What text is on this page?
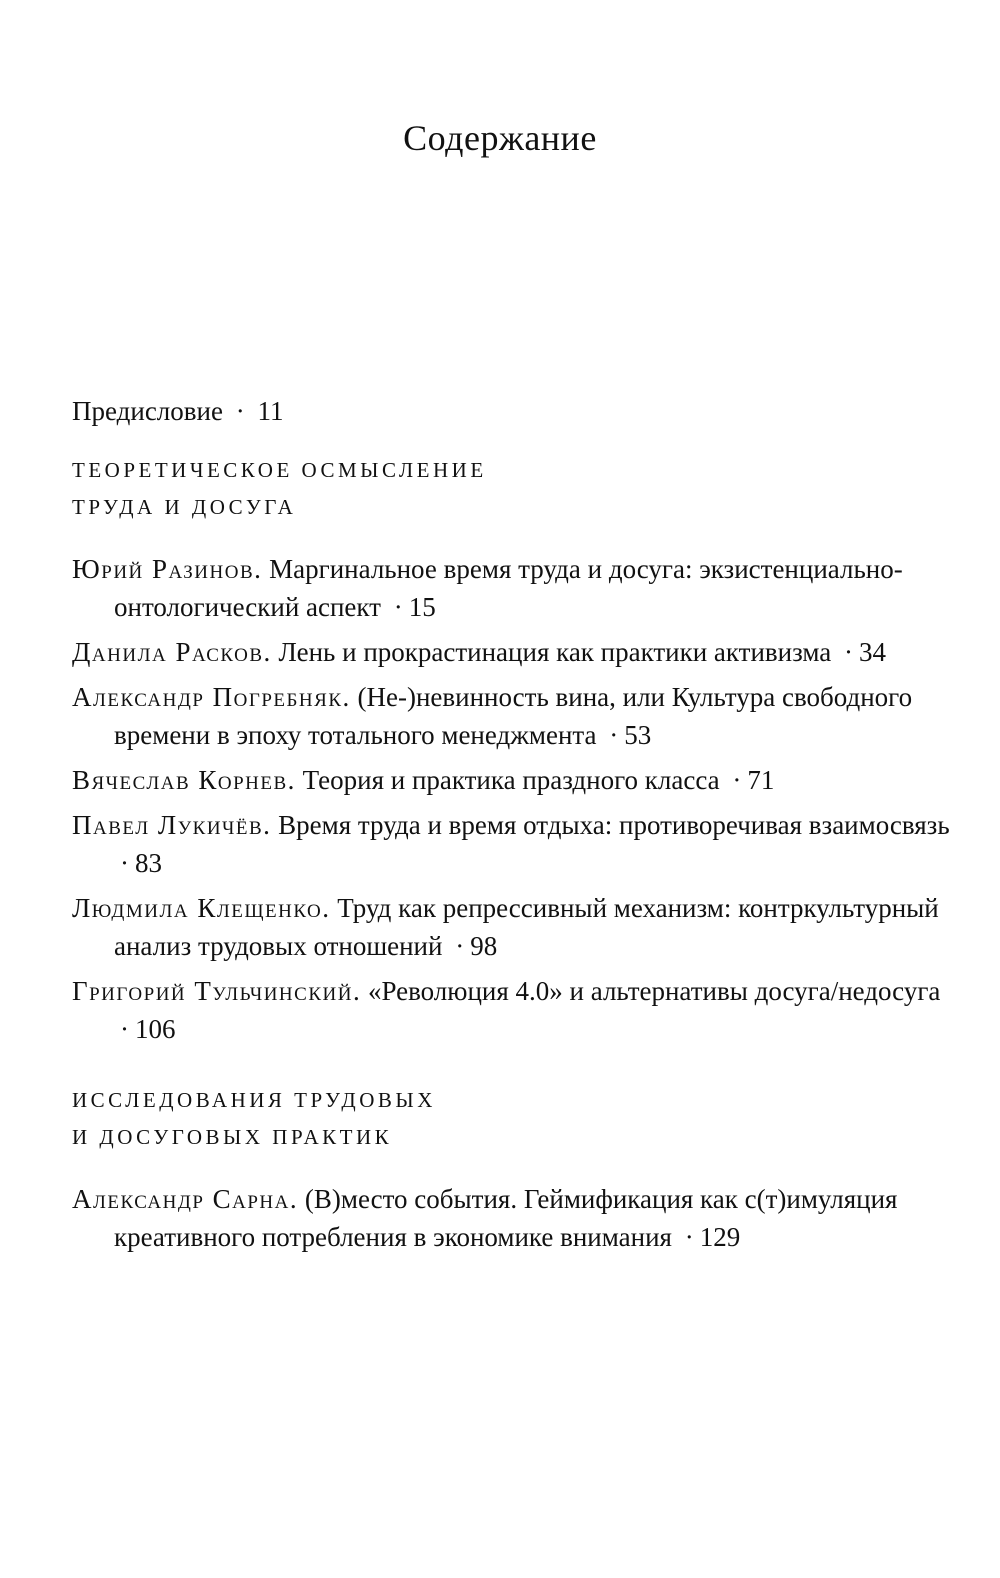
Содержание
Предисловие · 11
ТЕОРЕТИЧЕСКОЕ ОСМЫСЛЕНИЕ
ТРУДА И ДОСУГА
Юрий Разинов. Маргинальное время труда и досуга: экзистенциально-онтологический аспект · 15
Данила Расков. Лень и прокрастинация как практики активизма · 34
Александр Погребняк. (Не-)невинность вина, или Культура свободного времени в эпоху тотального менеджмента · 53
Вячеслав Корнев. Теория и практика праздного класса · 71
Павел Лукичёв. Время труда и время отдыха: противоречивая взаимосвязь · 83
Людмила Клещенко. Труд как репрессивный механизм: контркультурный анализ трудовых отношений · 98
Григорий Тульчинский. «Революция 4.0» и альтернативы досуга/недосуга · 106
ИССЛЕДОВАНИЯ ТРУДОВЫХ
И ДОСУГОВЫХ ПРАКТИК
Александр Сарна. (В)место события. Геймификация как с(т)имуляция креативного потребления в экономике внимания · 129
